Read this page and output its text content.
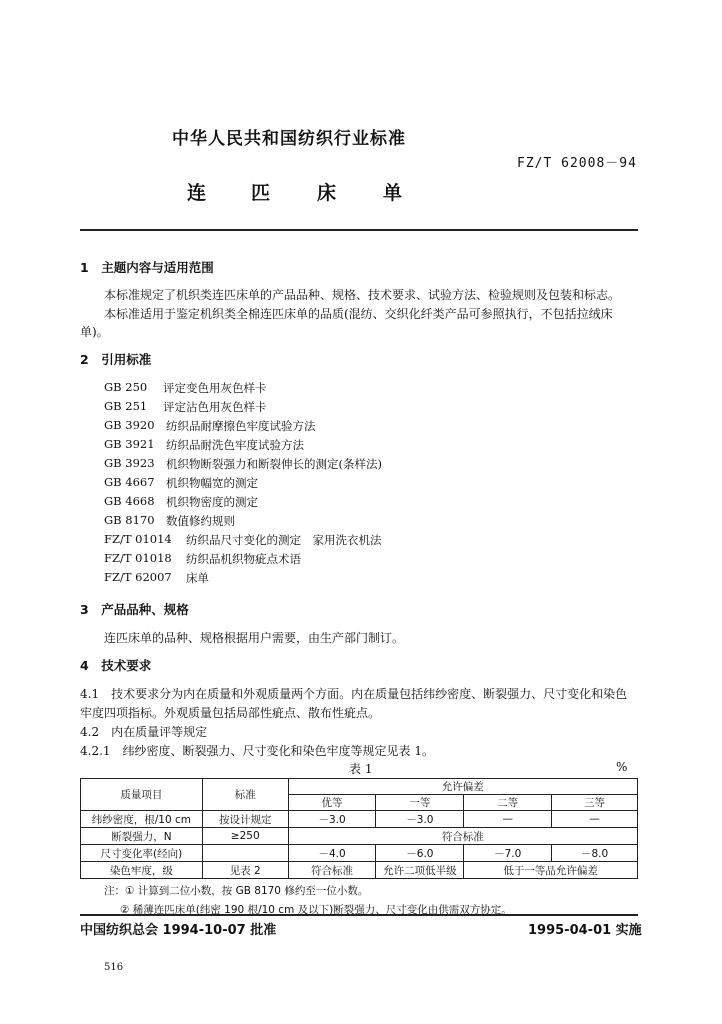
中华人民共和国纺织行业标准
FZ/T 62008－94
连 匹 床 单
1　主题内容与适用范围
本标准规定了机织类连匹床单的产品品种、规格、技术要求、试验方法、检验规则及包装和标志。
本标准适用于鉴定机织类全棉连匹床单的品质(混纺、交织化纤类产品可参照执行，不包括拉绒床
单)。
2　引用标准
GB 250 评定变色用灰色样卡
GB 251 评定沾色用灰色样卡
GB 3920 纺织品耐摩擦色牢度试验方法
GB 3921 纺织品耐洗色牢度试验方法
GB 3923 机织物断裂强力和断裂伸长的测定(条样法)
GB 4667 机织物幅宽的测定
GB 4668 机织物密度的测定
GB 8170 数值修约规则
FZ/T 01014 纺织品尺寸变化的测定　家用洗衣机法
FZ/T 01018 纺织品机织物疵点术语
FZ/T 62007 床单
3　产品品种、规格
连匹床单的品种、规格根据用户需要，由生产部门制订。
4　技术要求
4.1　技术要求分为内在质量和外观质量两个方面。内在质量包括纬纱密度、断裂强力、尺寸变化和染色
牢度四项指标。外观质量包括局部性疵点、散布性疵点。
4.2　内在质量评等规定
4.2.1　纬纱密度、断裂强力、尺寸变化和染色牢度等规定见表 1。
表 1	%
质量项目	标准	允许偏差			
		优等	一等	二等	三等
纬纱密度，根/10 cm	按设计规定	－3.0	－3.0	—	—
断裂强力，N	≥250	符合标准			
尺寸变化率(经向)		－4.0	－6.0	－7.0	－8.0
染色牢度，级	见表 2	符合标准	允许二项低半级	低于一等品允许偏差	
注：① 计算到二位小数，按 GB 8170 修约至一位小数。
② 稀薄连匹床单(纬密 190 根/10 cm 及以下)断裂强力、尺寸变化由供需双方协定。
中国纺织总会 1994-10-07 批准	1995-04-01 实施
516
